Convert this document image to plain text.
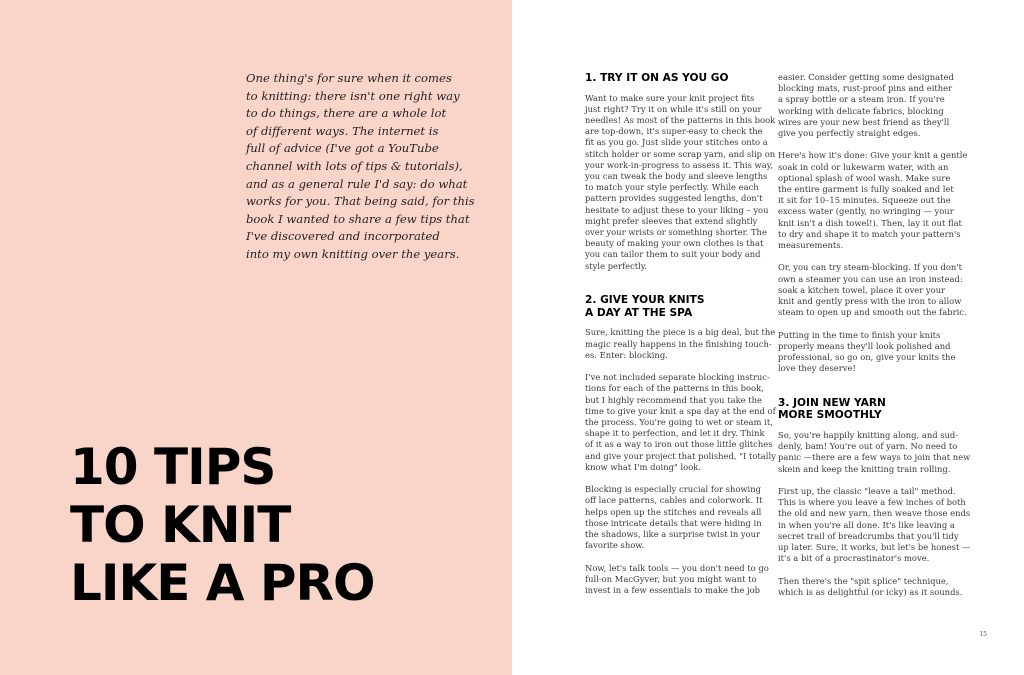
One thing's for sure when it comes
to knitting: there isn't one right way
to do things, there are a whole lot
of different ways. The internet is
full of advice (I've got a YouTube
channel with lots of tips & tutorials),
and as a general rule I'd say: do what
works for you. That being said, for this
book I wanted to share a few tips that
I've discovered and incorporated
into my own knitting over the years.
10 TIPS
TO KNIT
LIKE A PRO
1. TRY IT ON AS YOU GO
Want to make sure your knit project fits
just right? Try it on while it's still on your
needles! As most of the patterns in this book
are top-down, it's super-easy to check the
fit as you go. Just slide your stitches onto a
stitch holder or some scrap yarn, and slip on
your work-in-progress to assess it. This way,
you can tweak the body and sleeve lengths
to match your style perfectly. While each
pattern provides suggested lengths, don't
hesitate to adjust these to your liking – you
might prefer sleeves that extend slightly
over your wrists or something shorter. The
beauty of making your own clothes is that
you can tailor them to suit your body and
style perfectly.
2. GIVE YOUR KNITS
A DAY AT THE SPA
Sure, knitting the piece is a big deal, but the
magic really happens in the finishing touch-
es. Enter: blocking.
I've not included separate blocking instruc-
tions for each of the patterns in this book,
but I highly recommend that you take the
time to give your knit a spa day at the end of
the process. You're going to wet or steam it,
shape it to perfection, and let it dry. Think
of it as a way to iron out those little glitches
and give your project that polished, "I totally
know what I'm doing" look.
Blocking is especially crucial for showing
off lace patterns, cables and colorwork. It
helps open up the stitches and reveals all
those intricate details that were hiding in
the shadows, like a surprise twist in your
favorite show.
Now, let's talk tools — you don't need to go
full-on MacGyver, but you might want to
invest in a few essentials to make the job
easier. Consider getting some designated
blocking mats, rust-proof pins and either
a spray bottle or a steam iron. If you're
working with delicate fabrics, blocking
wires are your new best friend as they'll
give you perfectly straight edges.
Here's how it's done: Give your knit a gentle
soak in cold or lukewarm water, with an
optional splash of wool wash. Make sure
the entire garment is fully soaked and let
it sit for 10–15 minutes. Squeeze out the
excess water (gently, no wringing — your
knit isn't a dish towel!). Then, lay it out flat
to dry and shape it to match your pattern's
measurements.
Or, you can try steam-blocking. If you don't
own a steamer you can use an iron instead:
soak a kitchen towel, place it over your
knit and gently press with the iron to allow
steam to open up and smooth out the fabric.
Putting in the time to finish your knits
properly means they'll look polished and
professional, so go on, give your knits the
love they deserve!
3. JOIN NEW YARN
MORE SMOOTHLY
So, you're happily knitting along, and sud-
denly, bam! You're out of yarn. No need to
panic —there are a few ways to join that new
skein and keep the knitting train rolling.
First up, the classic "leave a tail" method.
This is where you leave a few inches of both
the old and new yarn, then weave those ends
in when you're all done. It's like leaving a
secret trail of breadcrumbs that you'll tidy
up later. Sure, it works, but let's be honest —
it's a bit of a procrastinator's move.
Then there's the "spit splice" technique,
which is as delightful (or icky) as it sounds.
15
